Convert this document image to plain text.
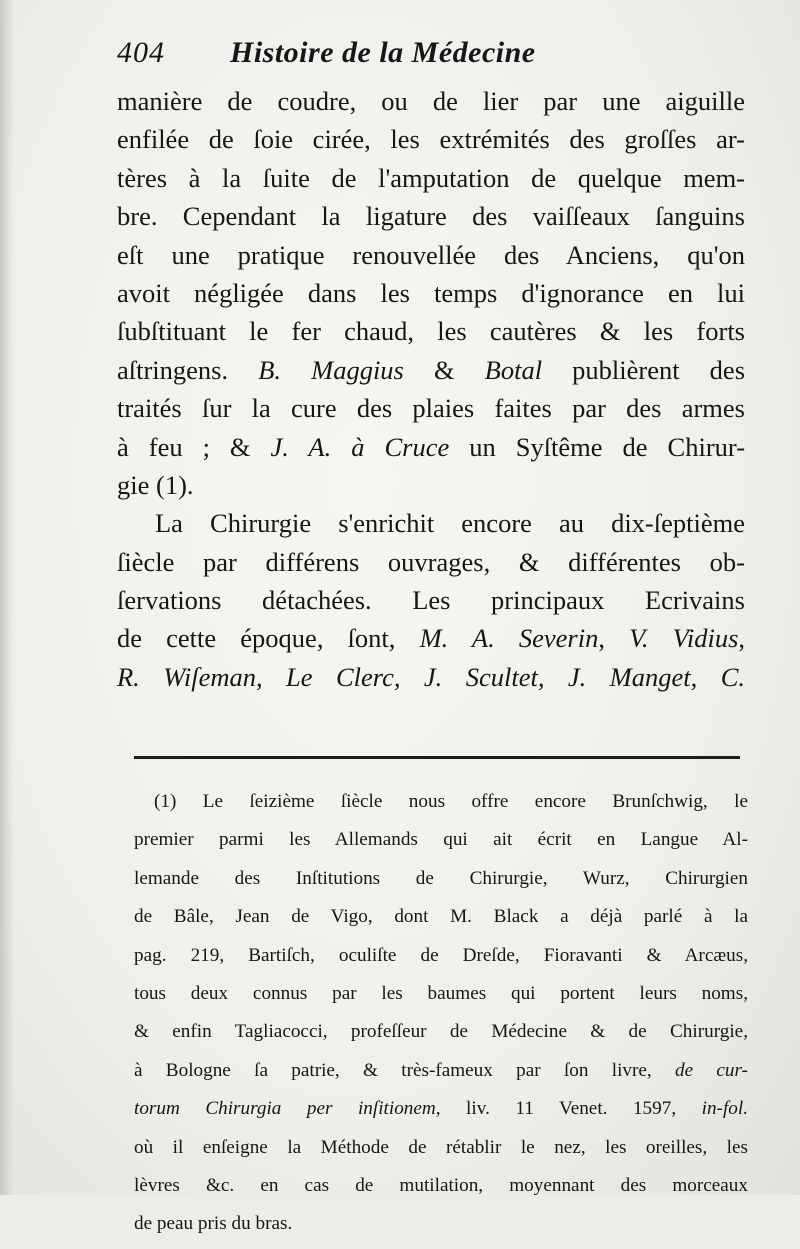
404 Histoire de la Médecine
manière de coudre, ou de lier par une aiguille
enfilée de ſoie cirée, les extrémités des groſſes ar-
tères à la ſuite de l'amputation de quelque mem-
bre. Cependant la ligature des vaiſſeaux ſanguins
eſt une pratique renouvellée des Anciens, qu'on
avoit négligée dans les temps d'ignorance en lui
ſubſtituant le fer chaud, les cautères & les forts
aſtringens. B. Maggius & Botal publièrent des
traités ſur la cure des plaies faites par des armes
à feu ; & J. A. à Cruce un Syſtême de Chirur-
gie (1).
La Chirurgie s'enrichit encore au dix-ſeptième
ſiècle par différens ouvrages, & différentes ob-
ſervations détachées. Les principaux Ecrivains
de cette époque, ſont, M. A. Severin, V. Vidius,
R. Wiſeman, Le Clerc, J. Scultet, J. Manget, C.
(1) Le ſeizième ſiècle nous offre encore Brunſchwig, le
premier parmi les Allemands qui ait écrit en Langue Al-
lemande des Inſtitutions de Chirurgie, Wurz, Chirurgien
de Bâle, Jean de Vigo, dont M. Black a déjà parlé à la
pag. 219, Bartiſch, oculiſte de Dreſde, Fioravanti & Arcæus,
tous deux connus par les baumes qui portent leurs noms,
& enfin Tagliacocci, profeſſeur de Médecine & de Chirurgie,
à Bologne ſa patrie, & très-fameux par ſon livre, de cur-
torum Chirurgia per inſitionem, liv. 11 Venet. 1597, in-fol.
où il enſeigne la Méthode de rétablir le nez, les oreilles, les
lèvres &c. en cas de mutilation, moyennant des morceaux
de peau pris du bras.
